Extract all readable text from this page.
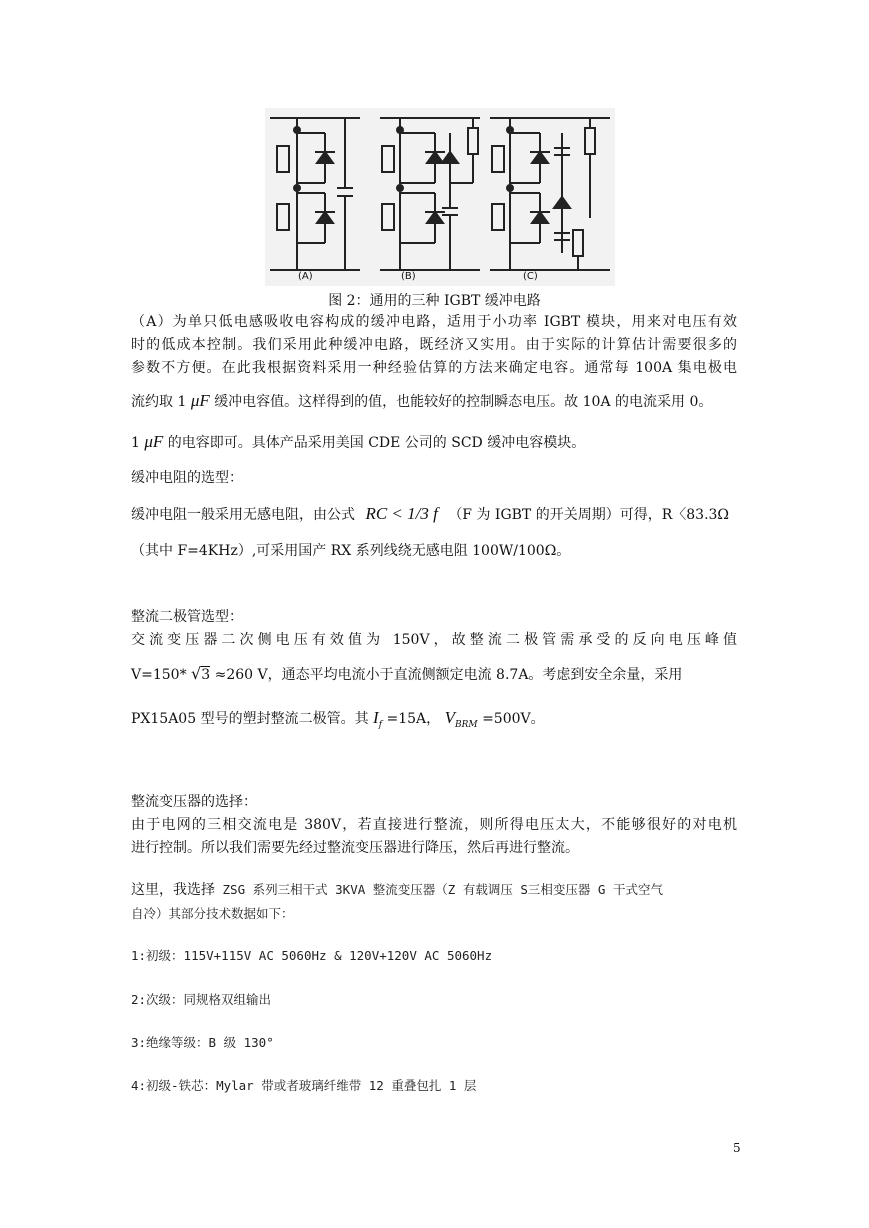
(A)	(B)	(C)
图 2：通用的三种 IGBT 缓冲电路
（A）为单只低电感吸收电容构成的缓冲电路，适用于小功率 IGBT 模块，用来对电压有效
时的低成本控制。我们采用此种缓冲电路，既经济又实用。由于实际的计算估计需要很多的
参数不方便。在此我根据资料采用一种经验估算的方法来确定电容。通常每 100A 集电极电
流约取 1 μF 缓冲电容值。这样得到的值，也能较好的控制瞬态电压。故 10A 的电流采用 0。
1 μF 的电容即可。具体产品采用美国 CDE 公司的 SCD 缓冲电容模块。
缓冲电阻的选型：
缓冲电阻一般采用无感电阻，由公式 RC < 1/3 f （F 为 IGBT 的开关周期）可得，R〈83.3Ω
（其中 F=4KHz）,可采用国产 RX 系列线绕无感电阻 100W/100Ω。
整流二极管选型：
交流变压器二次侧电压有效值为 150V，故整流二极管需承受的反向电压峰值
V=150* √3 ≈260 V，通态平均电流小于直流侧额定电流 8.7A。考虑到安全余量，采用
PX15A05 型号的塑封整流二极管。其 $I_f =15A$， $V_{BRM} =500V$。
整流变压器的选择：
由于电网的三相交流电是 380V，若直接进行整流，则所得电压太大，不能够很好的对电机
进行控制。所以我们需要先经过整流变压器进行降压，然后再进行整流。
这里，我选择 ZSG 系列三相干式 3KVA 整流变压器（Z 有载调压 S三相变压器 G 干式空气
自冷）其部分技术数据如下：
1:初级：115V+115V AC 5060Hz & 120V+120V AC 5060Hz
2:次级：同规格双组输出
3:绝缘等级：B 级 130°
4:初级-铁芯：Mylar 带或者玻璃纤维带 12 重叠包扎 1 层
5
